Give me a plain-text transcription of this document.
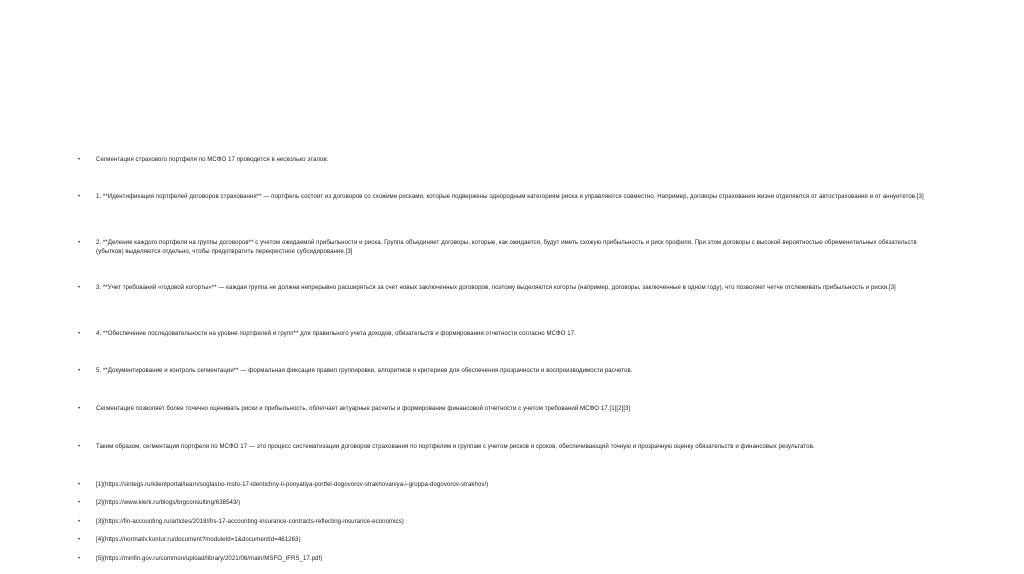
• Сегментация страхового портфеля по МСФО 17 проводится в несколько этапов:
• 1. **Идентификация портфелей договоров страхования** — портфель состоит из договоров со схожими рисками, которые подвержены однородным категориям риска и управляются совместно. Например, договоры страхования жизни отделяются от автострахования и от аннуитетов.[3]
• 2. **Деление каждого портфеля на группы договоров** с учетом ожидаемой прибыльности и риска. Группа объединяет договоры, которые, как ожидается, будут иметь схожую прибыльность и риск профиля. При этом договоры с высокой вероятностью обременительных обязательств (убытков) выделяются отдельно, чтобы предотвратить перекрестное субсидирование.[3]
• 3. **Учет требований «годовой когорты»** — каждая группа не должна непрерывно расширяться за счет новых заключенных договоров, поэтому выделяются когорты (например, договоры, заключенные в одном году), что позволяет четче отслеживать прибыльность и риски.[3]
• 4. **Обеспечение последовательности на уровне портфелей и групп** для правильного учета доходов, обязательств и формирования отчетности согласно МСФО 17.
• 5. **Документирование и контроль сегментации** — формальная фиксация правил группировки, алгоритмов и критериев для обеспечения прозрачности и воспроизводимости расчетов.
• Сегментация позволяет более точечно оценивать риски и прибыльность, облегчает актуарные расчеты и формирование финансовой отчетности с учетом требований МСФО 17.[1][2][3]
• Таким образом, сегментация портфеля по МСФО 17 — это процесс систематизации договоров страхования по портфелям и группам с учетом рисков и сроков, обеспечивающий точную и прозрачную оценку обязательств и финансовых результатов.
• [1](https://sintegs.ru/klientportal/learn/soglasno-msfo-17-identichny-li-ponyatiya-portfel-dogovorov-strakhovaniya-i-gruppa-dogovorov-strakhov/)
• [2](https://www.klerk.ru/blogs/brgconsulting/638543/)
• [3](https://fin-accounting.ru/articles/2018/ifrs-17-accounting-insurance-contracts-reflecting-insurance-economics)
• [4](https://normativ.kontur.ru/document?moduleId=1&documentId=461263)
• [5](https://minfin.gov.ru/common/upload/library/2021/06/main/MSFO_IFRS_17.pdf)
